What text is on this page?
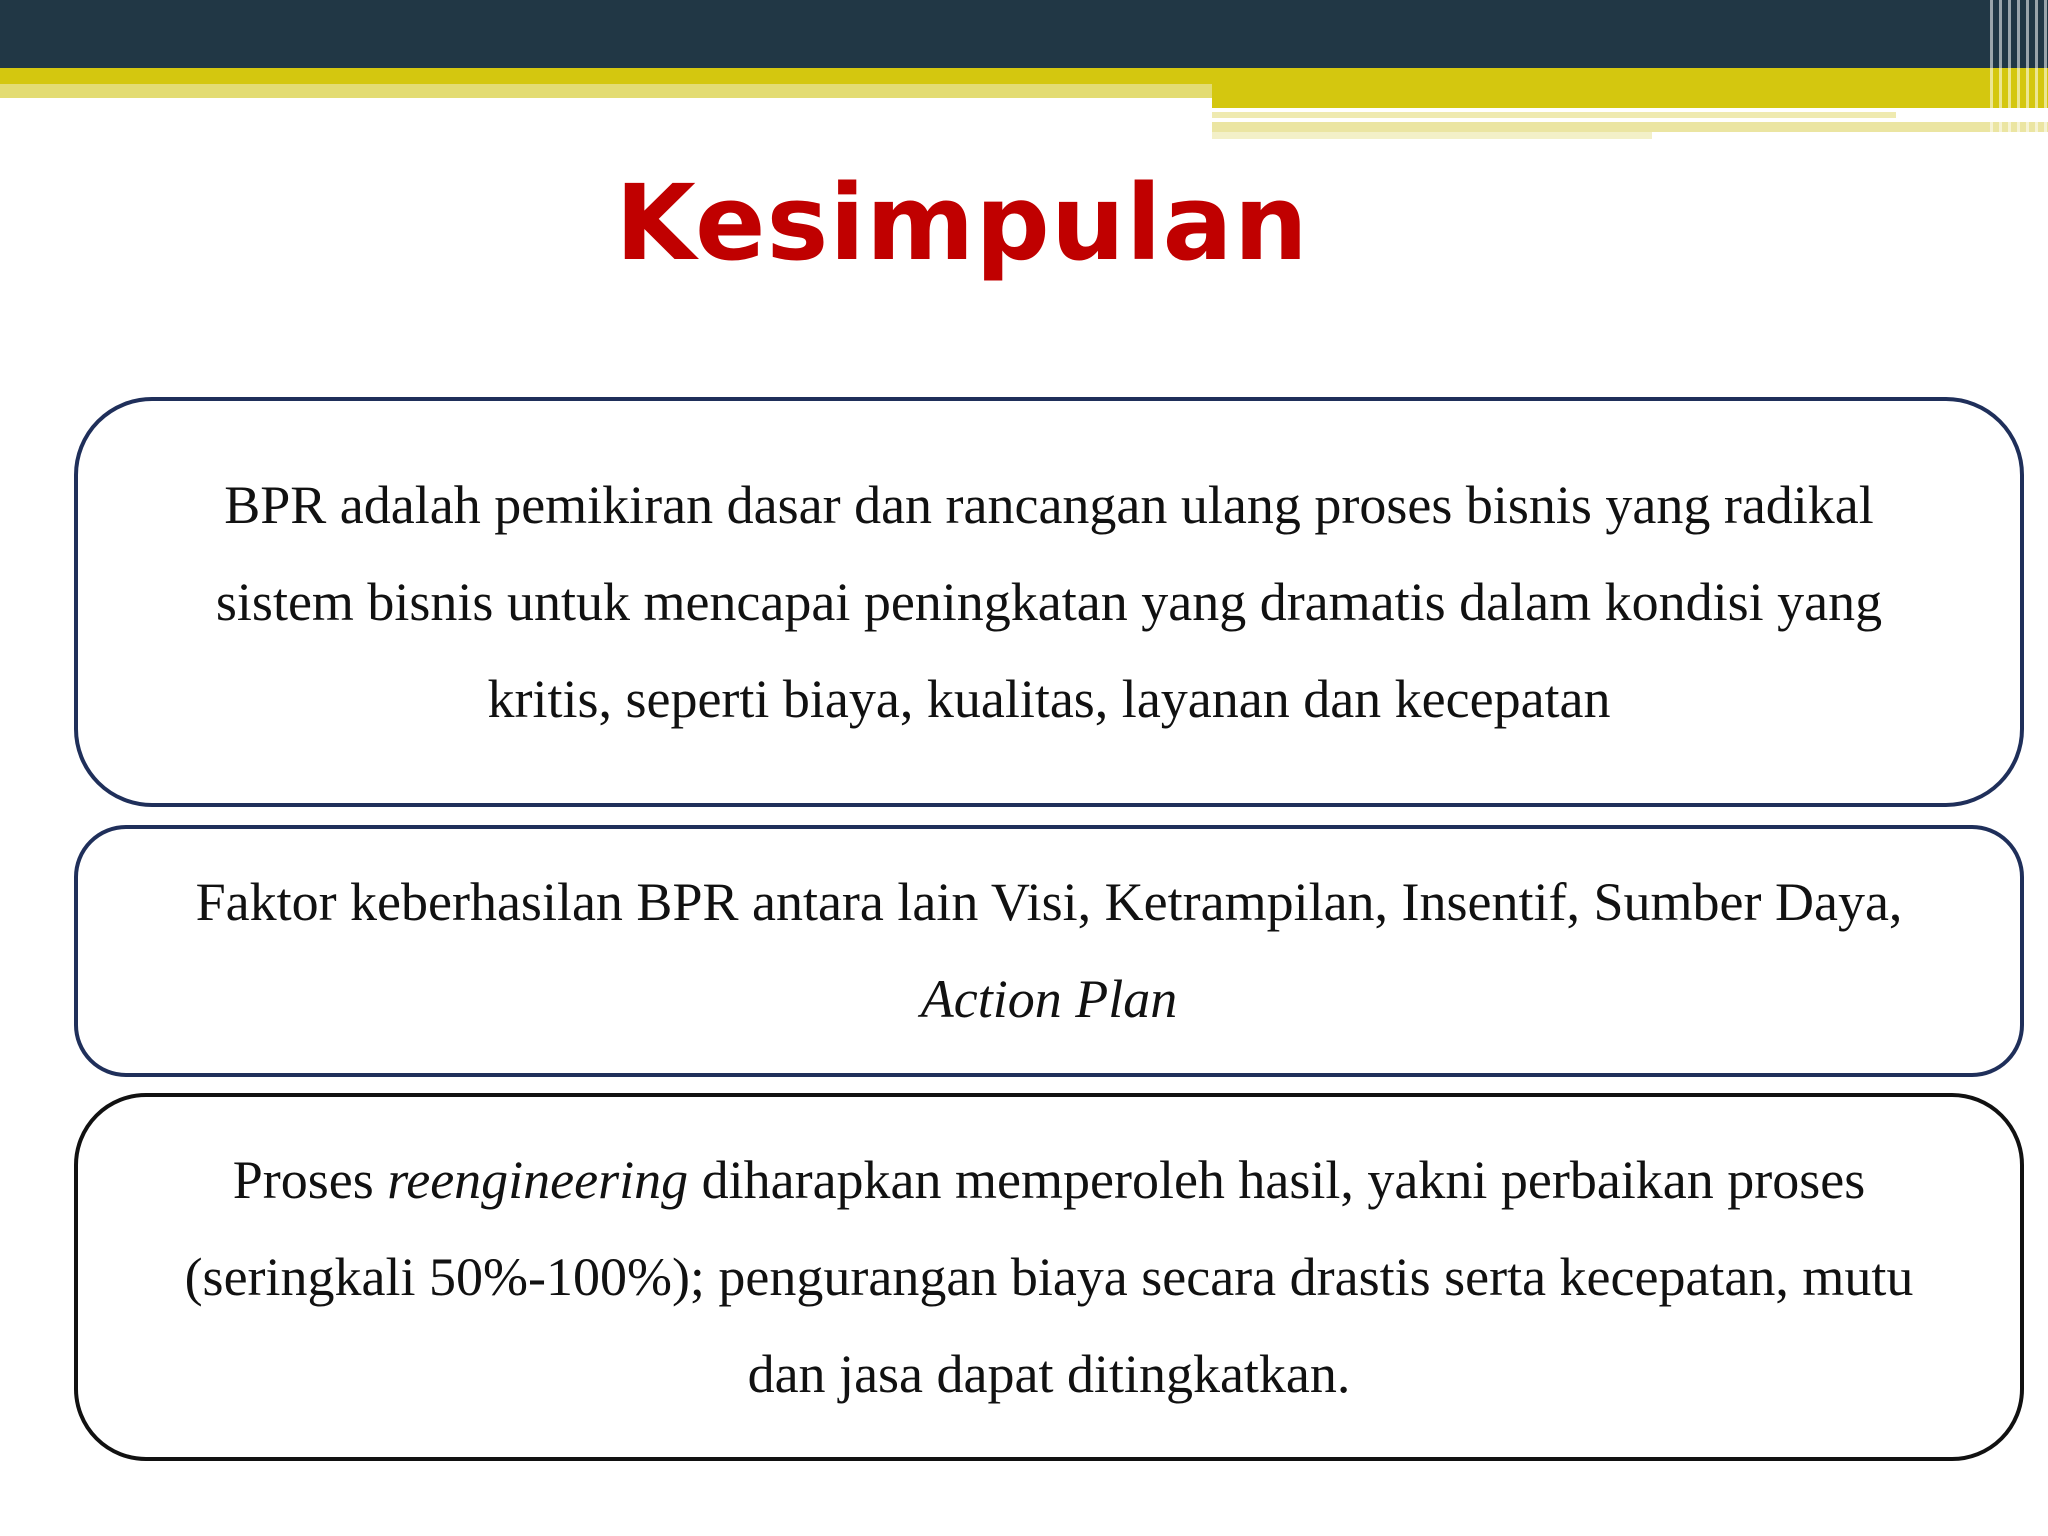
Kesimpulan
BPR adalah pemikiran dasar dan rancangan ulang proses bisnis yang radikal sistem bisnis untuk mencapai peningkatan yang dramatis dalam kondisi yang kritis, seperti biaya, kualitas, layanan dan kecepatan
Faktor keberhasilan BPR antara lain Visi, Ketrampilan, Insentif, Sumber Daya, Action Plan
Proses reengineering diharapkan memperoleh hasil, yakni perbaikan proses (seringkali 50%-100%); pengurangan biaya secara drastis serta kecepatan, mutu dan jasa dapat ditingkatkan.
